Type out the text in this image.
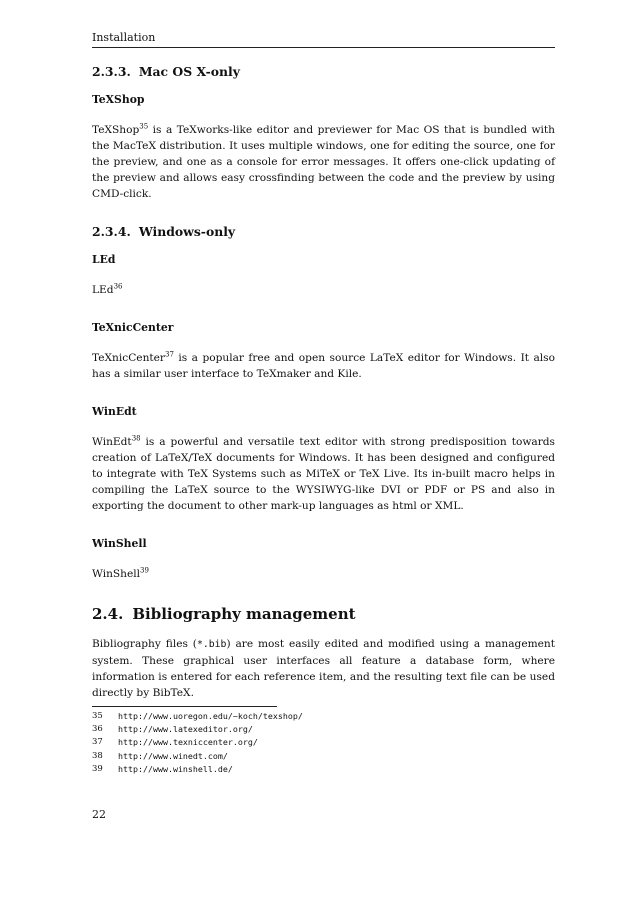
Installation
2.3.3. Mac OS X-only
TeXShop

TeXShop$^{35}$ is a TeXworks-like editor and previewer for Mac OS that is bundled with the MacTeX distribution. It uses multiple windows, one for editing the source, one for the preview, and one as a console for error messages. It offers one-click updating of the preview and allows easy crossfinding between the code and the preview by using CMD-click.

2.3.4. Windows-only
LEd

LEd$^{36}$

TeXnicCenter

TeXnicCenter$^{37}$ is a popular free and open source LaTeX editor for Windows. It also has a similar user interface to TeXmaker and Kile.

WinEdt

WinEdt$^{38}$ is a powerful and versatile text editor with strong predisposition towards creation of LaTeX/TeX documents for Windows. It has been designed and configured to integrate with TeX Systems such as MiTeX or TeX Live. Its in-built macro helps in compiling the LaTeX source to the WYSIWYG-like DVI or PDF or PS and also in exporting the document to other mark-up languages as html or XML.

WinShell

WinShell$^{39}$

2.4. Bibliography management

Bibliography files (*.bib) are most easily edited and modified using a management system. These graphical user interfaces all feature a database form, where information is entered for each reference item, and the resulting text file can be used directly by BibTeX.

35	http://www.uoregon.edu/~koch/texshop/
36	http://www.latexeditor.org/
37	http://www.texniccenter.org/
38	http://www.winedt.com/
39	http://www.winshell.de/
22
